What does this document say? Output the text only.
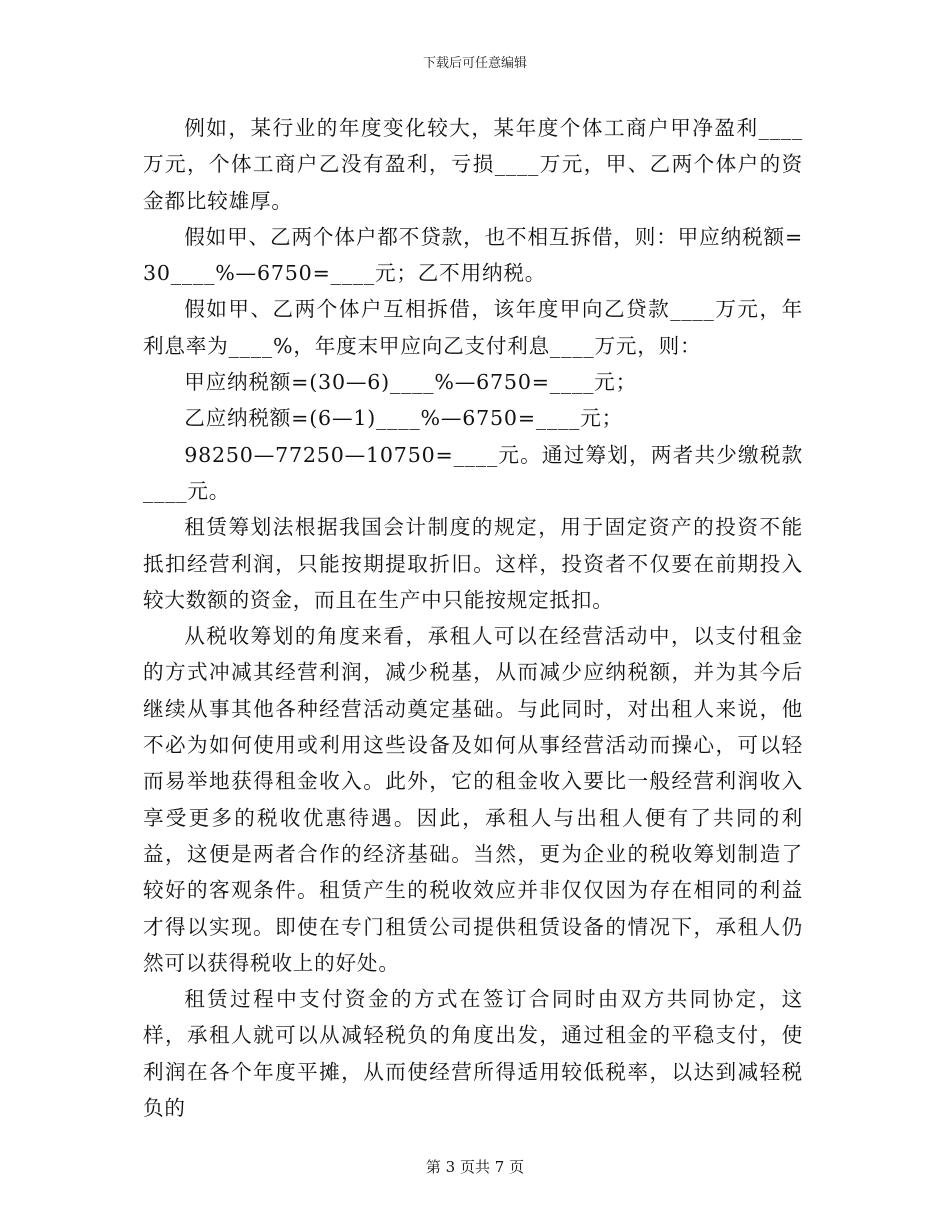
下载后可任意编辑

例如，某行业的年度变化较大，某年度个体工商户甲净盈利____万元，个体工商户乙没有盈利，亏损____万元，甲、乙两个体户的资金都比较雄厚。

假如甲、乙两个体户都不贷款，也不相互拆借，则：甲应纳税额=30____%—6750=____元；乙不用纳税。

假如甲、乙两个体户互相拆借，该年度甲向乙贷款____万元，年利息率为____%，年度末甲应向乙支付利息____万元，则：

甲应纳税额=(30—6)____%—6750=____元；

乙应纳税额=(6—1)____%—6750=____元；

98250—77250—10750=____元。通过筹划，两者共少缴税款____元。

租赁筹划法根据我国会计制度的规定，用于固定资产的投资不能抵扣经营利润，只能按期提取折旧。这样，投资者不仅要在前期投入较大数额的资金，而且在生产中只能按规定抵扣。

从税收筹划的角度来看，承租人可以在经营活动中，以支付租金的方式冲减其经营利润，减少税基，从而减少应纳税额，并为其今后继续从事其他各种经营活动奠定基础。与此同时，对出租人来说，他不必为如何使用或利用这些设备及如何从事经营活动而操心，可以轻而易举地获得租金收入。此外，它的租金收入要比一般经营利润收入享受更多的税收优惠待遇。因此，承租人与出租人便有了共同的利益，这便是两者合作的经济基础。当然，更为企业的税收筹划制造了较好的客观条件。租赁产生的税收效应并非仅仅因为存在相同的利益才得以实现。即使在专门租赁公司提供租赁设备的情况下，承租人仍然可以获得税收上的好处。

租赁过程中支付资金的方式在签订合同时由双方共同协定，这样，承租人就可以从减轻税负的角度出发，通过租金的平稳支付，使利润在各个年度平摊，从而使经营所得适用较低税率，以达到减轻税负的

第 3 页共 7 页
